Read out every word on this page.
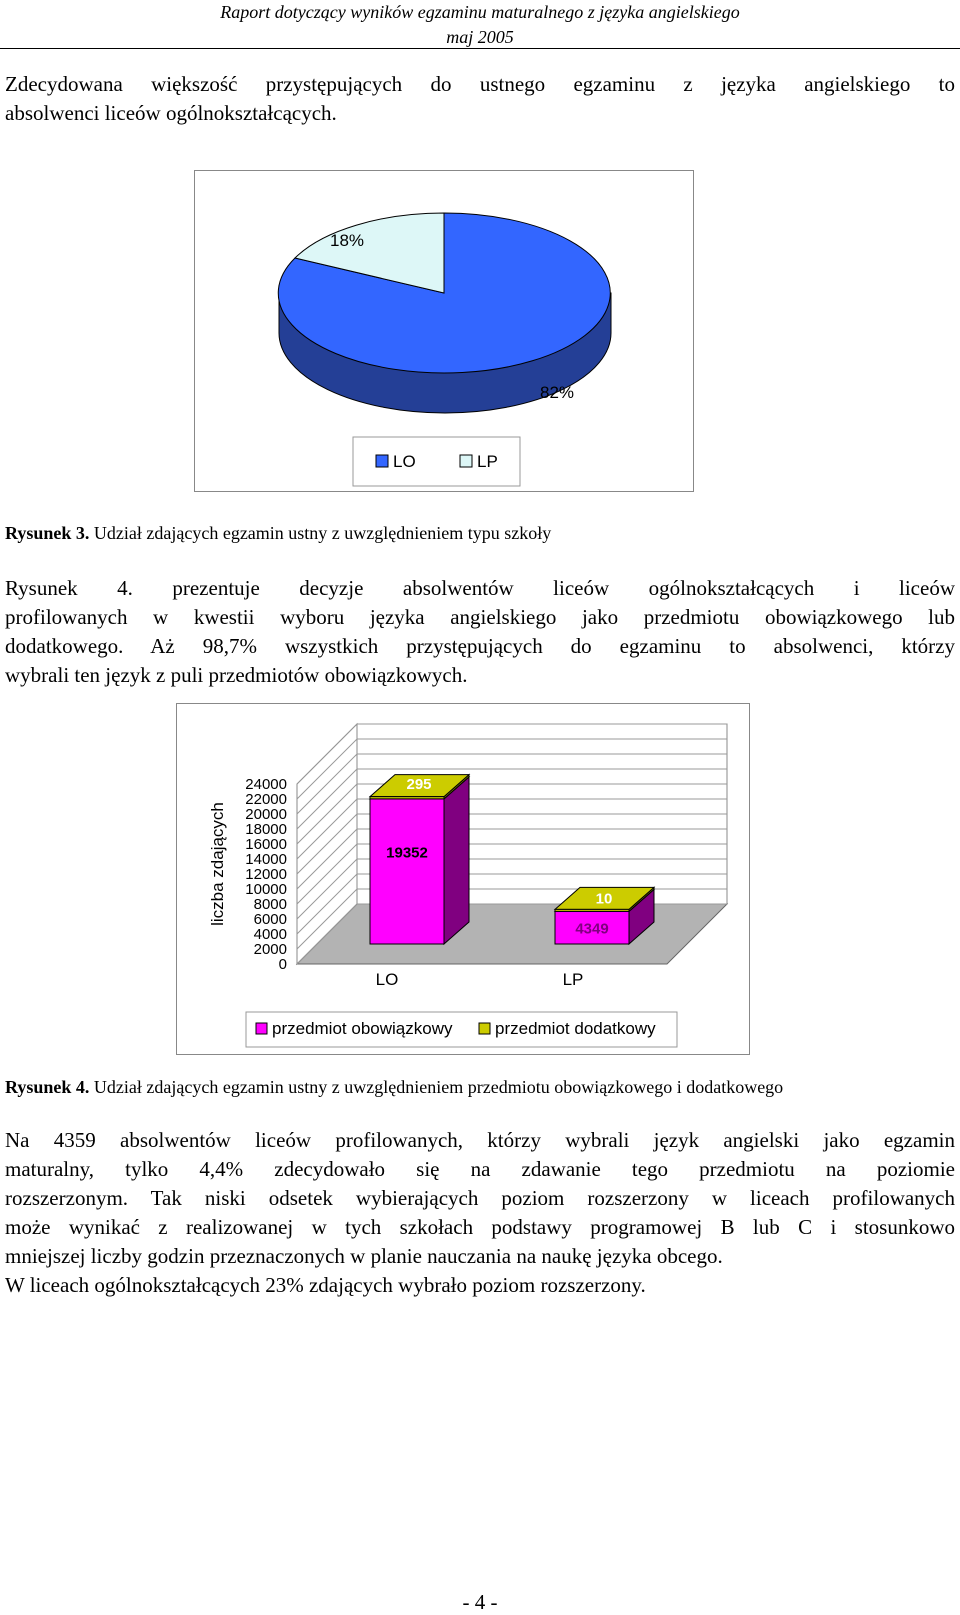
Raport dotyczący wyników egzaminu maturalnego z języka angielskiego
maj 2005
Zdecydowana większość przystępujących do ustnego egzaminu z języka angielskiego to
absolwenci liceów ogólnokształcących.
18%
82%
LO	LP
Rysunek 3. Udział zdających egzamin ustny z uwzględnieniem typu szkoły
Rysunek 4. prezentuje decyzje absolwentów liceów ogólnokształcących i liceów
profilowanych w kwestii wyboru języka angielskiego jako przedmiotu obowiązkowego lub
dodatkowego. Aż 98,7% wszystkich przystępujących do egzaminu to absolwenci, którzy
wybrali ten język z puli przedmiotów obowiązkowych.
24000
22000
20000
18000
16000
14000
12000
10000
8000
6000
4000
2000
0
19352
295
4349
10
liczba zdających
LO	LP
przedmiot obowiązkowy	przedmiot dodatkowy
Rysunek 4. Udział zdających egzamin ustny z uwzględnieniem przedmiotu obowiązkowego i dodatkowego
Na 4359 absolwentów liceów profilowanych, którzy wybrali język angielski jako egzamin
maturalny, tylko 4,4% zdecydowało się na zdawanie tego przedmiotu na poziomie
rozszerzonym. Tak niski odsetek wybierających poziom rozszerzony w liceach profilowanych
może wynikać z realizowanej w tych szkołach podstawy programowej B lub C i stosunkowo
mniejszej liczby godzin przeznaczonych w planie nauczania na naukę języka obcego.
W liceach ogólnokształcących 23% zdających wybrało poziom rozszerzony.
- 4 -
